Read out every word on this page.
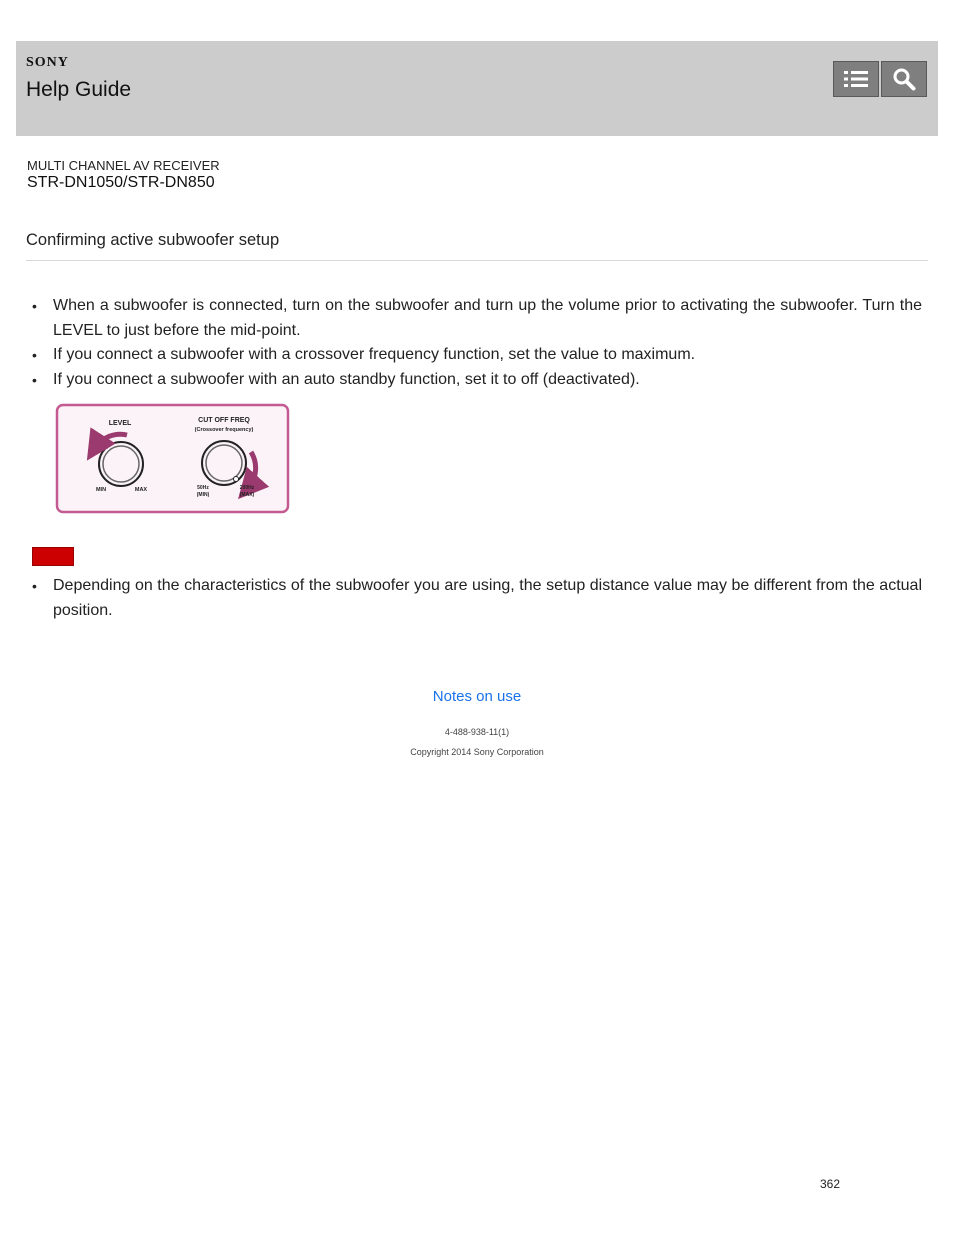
SONY
Help Guide
MULTI CHANNEL AV RECEIVER
STR-DN1050/STR-DN850
Confirming active subwoofer setup
• When a subwoofer is connected, turn on the subwoofer and turn up the volume prior to activating the subwoofer. Turn the LEVEL to just before the mid-point.
• If you connect a subwoofer with a crossover frequency function, set the value to maximum.
• If you connect a subwoofer with an auto standby function, set it to off (deactivated).
LEVEL
MIN	MAX
CUT OFF FREQ
(Crossover frequency)
50Hz
(MIN)
200Hz
(MAX)
• Depending on the characteristics of the subwoofer you are using, the setup distance value may be different from the actual position.
Notes on use
4-488-938-11(1)
Copyright 2014 Sony Corporation
362
